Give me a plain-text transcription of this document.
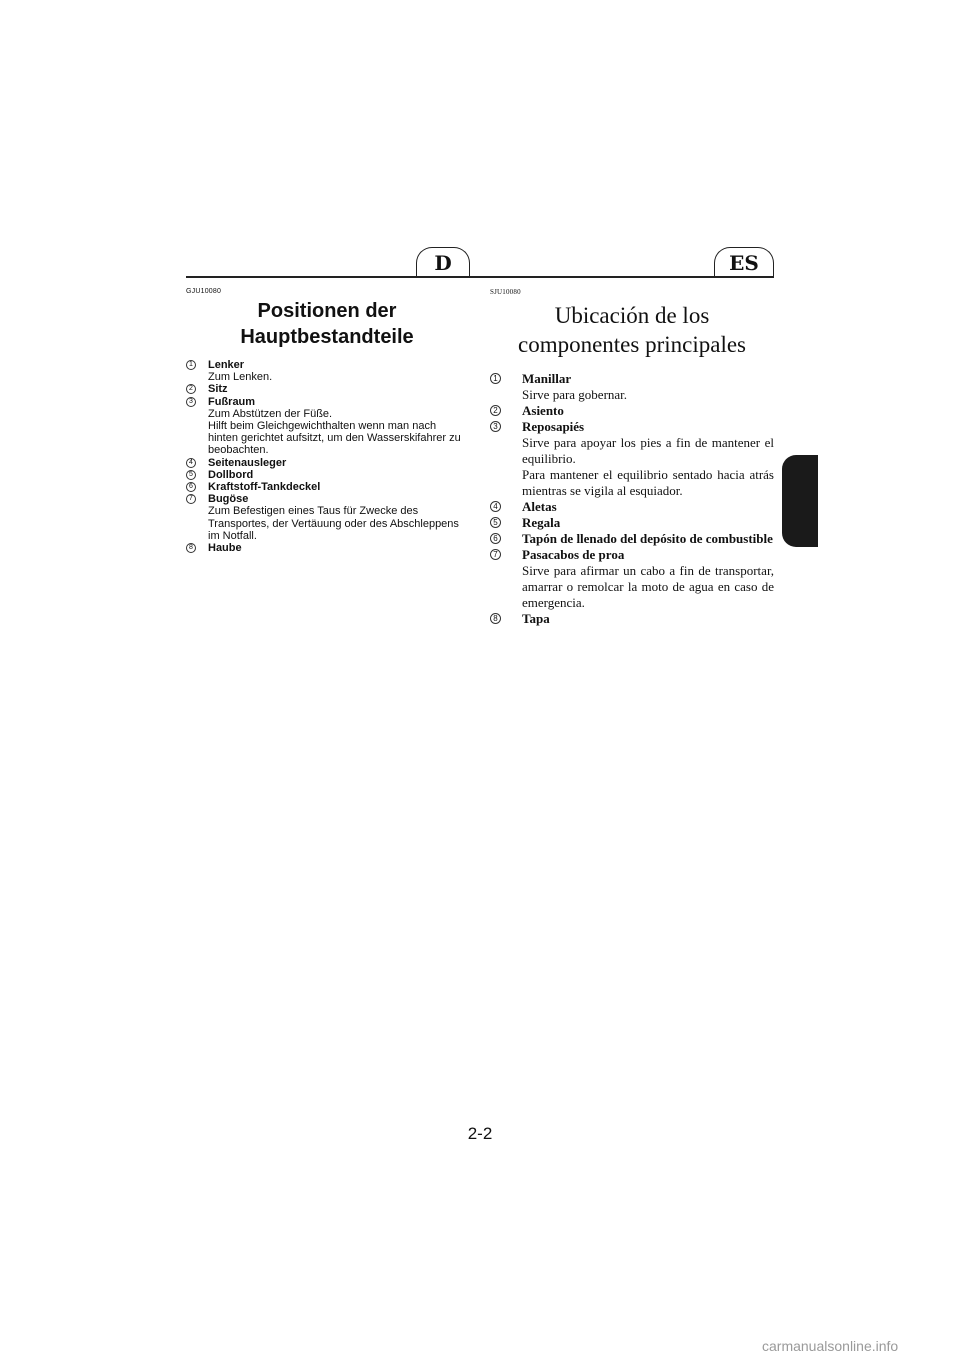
D	ES
GJU10080
Positionen der
Hauptbestandteile
1 Lenker
Zum Lenken.
2 Sitz
3 Fußraum
Zum Abstützen der Füße.
Hilft beim Gleichgewichthalten wenn man nach hinten gerichtet aufsitzt, um den Wasserskifahrer zu beobachten.
4 Seitenausleger
5 Dollbord
6 Kraftstoff-Tankdeckel
7 Bugöse
Zum Befestigen eines Taus für Zwecke des Transportes, der Vertäuung oder des Abschleppens im Notfall.
8 Haube
SJU10080
Ubicación de los
componentes principales
1 Manillar
Sirve para gobernar.
2 Asiento
3 Reposapiés
Sirve para apoyar los pies a fin de mantener el equilibrio.
Para mantener el equilibrio sentado hacia atrás mientras se vigila al esquiador.
4 Aletas
5 Regala
6 Tapón de llenado del depósito de combustible
7 Pasacabos de proa
Sirve para afirmar un cabo a fin de transportar, amarrar o remolcar la moto de agua en caso de emergencia.
8 Tapa
2-2
carmanualsonline.info
